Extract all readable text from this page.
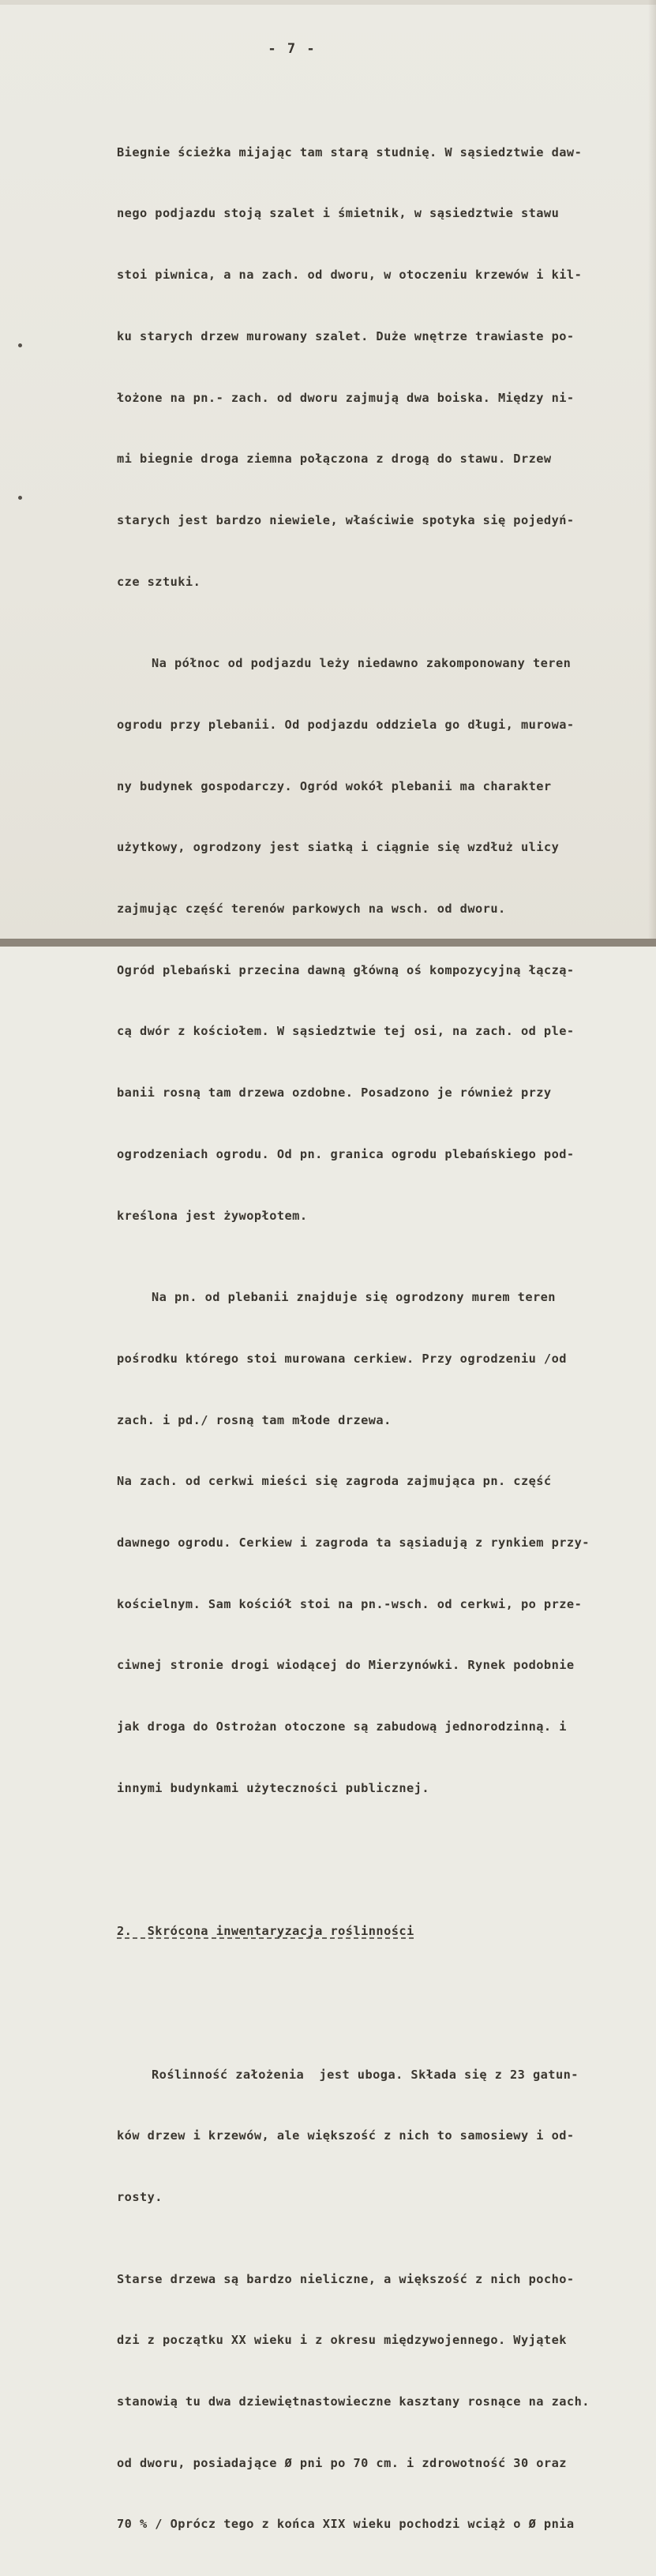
- 7 -

Biegnie ścieżka mijając tam starą studnię. W sąsiedztwie daw-

nego podjazdu stoją szalet i śmietnik, w sąsiedztwie stawu

stoi piwnica, a na zach. od dworu, w otoczeniu krzewów i kil-

ku starych drzew murowany szalet. Duże wnętrze trawiaste po-

łożone na pn.- zach. od dworu zajmują dwa boiska. Między ni-

mi biegnie droga ziemna połączona z drogą do stawu. Drzew

starych jest bardzo niewiele, właściwie spotyka się pojedyń-

cze sztuki.

Na północ od podjazdu leży niedawno zakomponowany teren

ogrodu przy plebanii. Od podjazdu oddziela go długi, murowa-

ny budynek gospodarczy. Ogród wokół plebanii ma charakter

użytkowy, ogrodzony jest siatką i ciągnie się wzdłuż ulicy

zajmując część terenów parkowych na wsch. od dworu.

Ogród plebański przecina dawną główną oś kompozycyjną łączą-

cą dwór z kościołem. W sąsiedztwie tej osi, na zach. od ple-

banii rosną tam drzewa ozdobne. Posadzono je również przy

ogrodzeniach ogrodu. Od pn. granica ogrodu plebańskiego pod-

kreślona jest żywopłotem.

Na pn. od plebanii znajduje się ogrodzony murem teren

pośrodku którego stoi murowana cerkiew. Przy ogrodzeniu /od

zach. i pd./ rosną tam młode drzewa.

Na zach. od cerkwi mieści się zagroda zajmująca pn. część

dawnego ogrodu. Cerkiew i zagroda ta sąsiadują z rynkiem przy-

kościelnym. Sam kościół stoi na pn.-wsch. od cerkwi, po prze-

ciwnej stronie drogi wiodącej do Mierzynówki. Rynek podobnie

jak droga do Ostrożan otoczone są zabudową jednorodzinną. i

innymi budynkami użyteczności publicznej.

2.  Skrócona inwentaryzacja roślinności

Roślinność założenia  jest uboga. Składa się z 23 gatun-

ków drzew i krzewów, ale większość z nich to samosiewy i od-

rosty.

Starse drzewa są bardzo nieliczne, a większość z nich pocho-

dzi z początku XX wieku i z okresu międzywojennego. Wyjątek

stanowią tu dwa dziewiętnastowieczne kasztany rosnące na zach.

od dworu, posiadające Ø pni po 70 cm. i zdrowotność 30 oraz

70 % / Oprócz tego z końca XIX wieku pochodzi wciąż o Ø pnia
